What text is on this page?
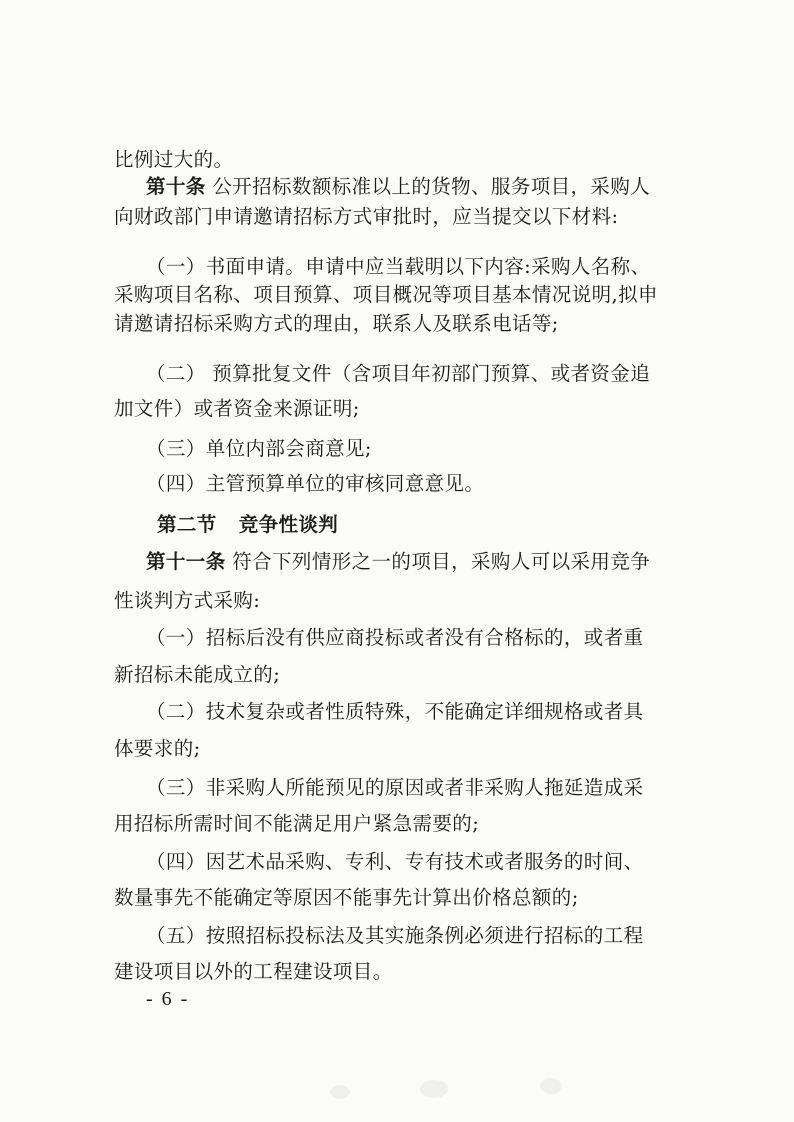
比例过大的。
第十条 公开招标数额标准以上的货物、服务项目，采购人
向财政部门申请邀请招标方式审批时，应当提交以下材料:
（一）书面申请。申请中应当载明以下内容:采购人名称、
采购项目名称、项目预算、项目概况等项目基本情况说明,拟申
请邀请招标采购方式的理由，联系人及联系电话等;
（二） 预算批复文件（含项目年初部门预算、或者资金追
加文件）或者资金来源证明;
（三）单位内部会商意见;
（四）主管预算单位的审核同意意见。
第二节 竞争性谈判
第十一条 符合下列情形之一的项目，采购人可以采用竞争
性谈判方式采购:
（一）招标后没有供应商投标或者没有合格标的，或者重
新招标未能成立的;
（二）技术复杂或者性质特殊，不能确定详细规格或者具
体要求的;
（三）非采购人所能预见的原因或者非采购人拖延造成采
用招标所需时间不能满足用户紧急需要的;
（四）因艺术品采购、专利、专有技术或者服务的时间、
数量事先不能确定等原因不能事先计算出价格总额的;
（五）按照招标投标法及其实施条例必须进行招标的工程
建设项目以外的工程建设项目。
- 6 -
